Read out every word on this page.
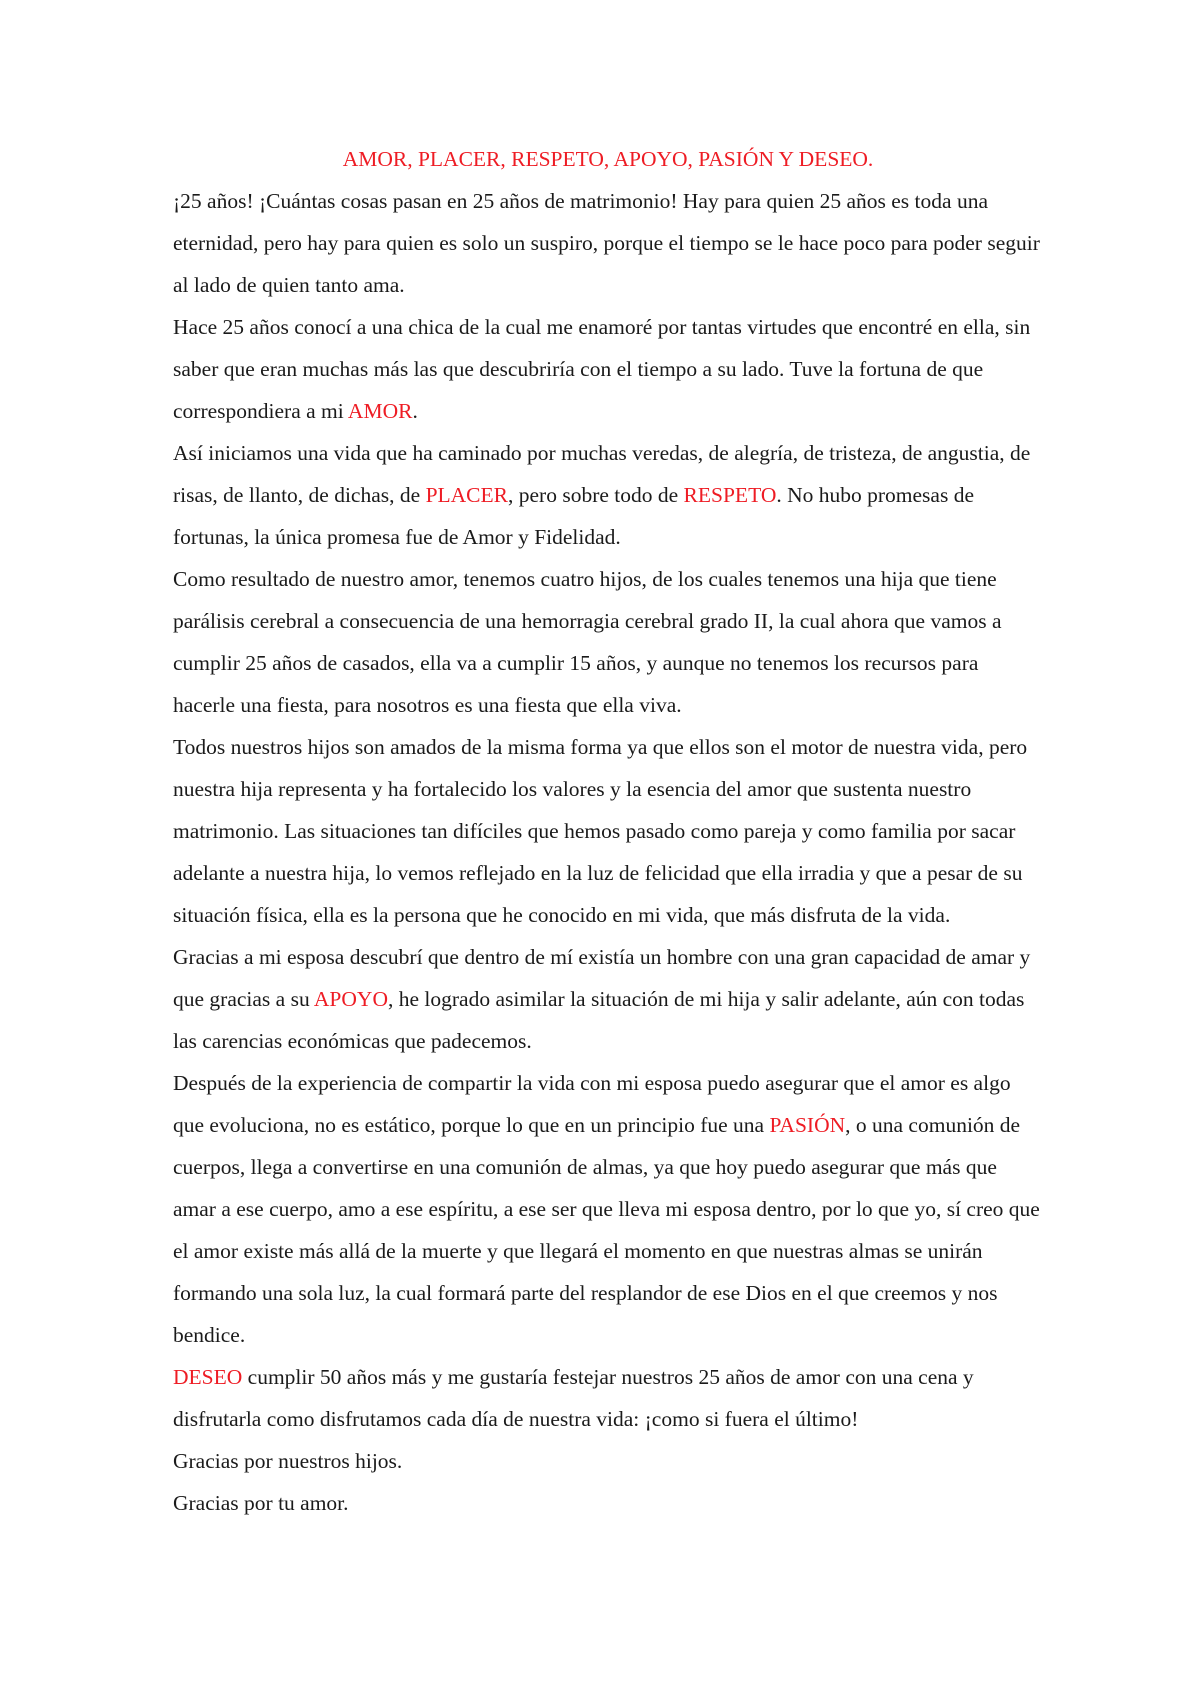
AMOR, PLACER, RESPETO, APOYO, PASIÓN Y DESEO.

¡25 años! ¡Cuántas cosas pasan en 25 años de matrimonio! Hay para quien 25 años es toda una eternidad, pero hay para quien es solo un suspiro, porque el tiempo se le hace poco para poder seguir al lado de quien tanto ama.

Hace 25 años conocí a una chica de la cual me enamoré por tantas virtudes que encontré en ella, sin saber que eran muchas más las que descubriría con el tiempo a su lado. Tuve la fortuna de que correspondiera a mi AMOR.

Así iniciamos una vida que ha caminado por muchas veredas, de alegría, de tristeza, de angustia, de risas, de llanto, de dichas, de PLACER, pero sobre todo de RESPETO. No hubo promesas de fortunas, la única promesa fue de Amor y Fidelidad.

Como resultado de nuestro amor, tenemos cuatro hijos, de los cuales tenemos una hija que tiene parálisis cerebral a consecuencia de una hemorragia cerebral grado II, la cual ahora que vamos a cumplir 25 años de casados, ella va a cumplir 15 años, y aunque no tenemos los recursos para hacerle una fiesta, para nosotros es una fiesta que ella viva.

Todos nuestros hijos son amados de la misma forma ya que ellos son el motor de nuestra vida, pero nuestra hija representa y ha fortalecido los valores y la esencia del amor que sustenta nuestro matrimonio. Las situaciones tan difíciles que hemos pasado como pareja y como familia por sacar adelante a nuestra hija, lo vemos reflejado en la luz de felicidad que ella irradia y que a pesar de su situación física, ella es la persona que he conocido en mi vida, que más disfruta de la vida.

Gracias a mi esposa descubrí que dentro de mí existía un hombre con una gran capacidad de amar y que gracias a su APOYO, he logrado asimilar la situación de mi hija y salir adelante, aún con todas las carencias económicas que padecemos.

Después de la experiencia de compartir la vida con mi esposa puedo asegurar que el amor es algo que evoluciona, no es estático, porque lo que en un principio fue una PASIÓN, o una comunión de cuerpos, llega a convertirse en una comunión de almas, ya que hoy puedo asegurar que más que amar a ese cuerpo, amo a ese espíritu, a ese ser que lleva mi esposa dentro, por lo que yo, sí creo que el amor existe más allá de la muerte y que llegará el momento en que nuestras almas se unirán formando una sola luz, la cual formará parte del resplandor de ese Dios en el que creemos y nos bendice.

DESEO cumplir 50 años más y me gustaría festejar nuestros 25 años de amor con una cena y disfrutarla como disfrutamos cada día de nuestra vida: ¡como si fuera el último!

Gracias por nuestros hijos.

Gracias por tu amor.
